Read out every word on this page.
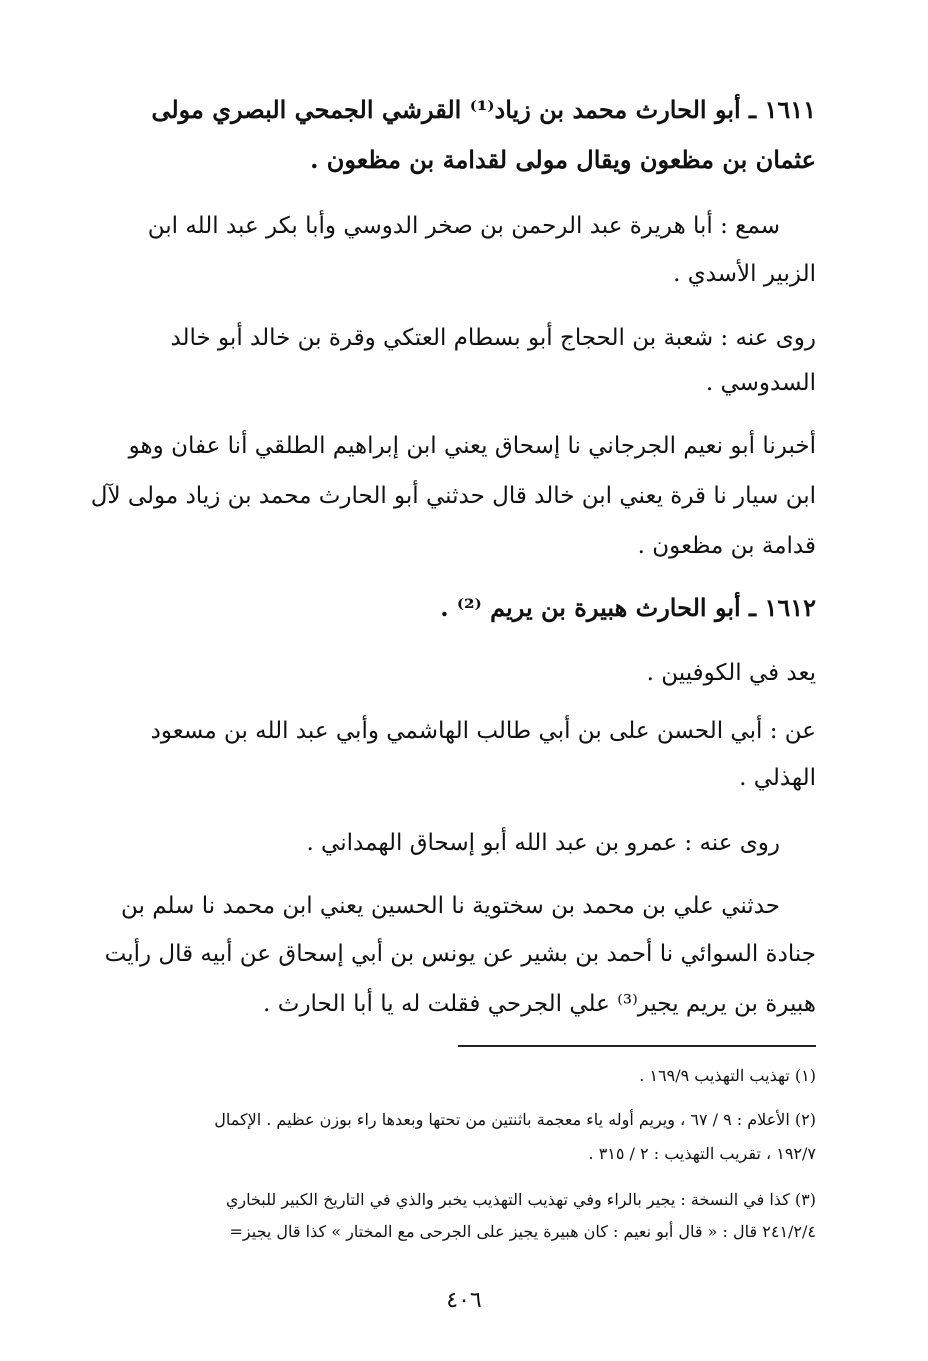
١٦١١ ـ أبو الحارث محمد بن زياد⁽¹⁾ القرشي الجمحي البصري مولى

عثمان بن مظعون ويقال مولى لقدامة بن مظعون .

سمع : أبا هريرة عبد الرحمن بن صخر الدوسي وأبا بكر عبد الله ابن

الزبير الأسدي .

روى عنه : شعبة بن الحجاج أبو بسطام العتكي وقرة بن خالد أبو خالد

السدوسي .

أخبرنا أبو نعيم الجرجاني نا إسحاق يعني ابن إبراهيم الطلقي أنا عفان وهو

ابن سيار نا قرة يعني ابن خالد قال حدثني أبو الحارث محمد بن زياد مولى لآل

قدامة بن مظعون .

١٦١٢ ـ أبو الحارث هبيرة بن يريم ⁽²⁾ .

يعد في الكوفيين .

عن : أبي الحسن على بن أبي طالب الهاشمي وأبي عبد الله بن مسعود

الهذلي .

روى عنه : عمرو بن عبد الله أبو إسحاق الهمداني .

حدثني علي بن محمد بن سختوية نا الحسين يعني ابن محمد نا سلم بن

جنادة السوائي نا أحمد بن بشير عن يونس بن أبي إسحاق عن أبيه قال رأيت

هبيرة بن يريم يجير⁽³⁾ علي الجرحي فقلت له يا أبا الحارث .

(١) تهذيب التهذيب ١٦٩/٩ .

(٢) الأعلام : ٩ / ٦٧ ، ويريم أوله ياء معجمة باثنتين من تحتها وبعدها راء بوزن عظيم . الإكمال

١٩٢/٧ ، تقريب التهذيب : ٢ / ٣١٥ .

(٣) كذا في النسخة : يجير بالراء وفي تهذيب التهذيب يخبر والذي في التاريخ الكبير للبخاري

٢٤١/٢/٤ قال : « قال أبو نعيم : كان هبيرة يجيز على الجرحى مع المختار » كذا قال يجيز=

٤٠٦
